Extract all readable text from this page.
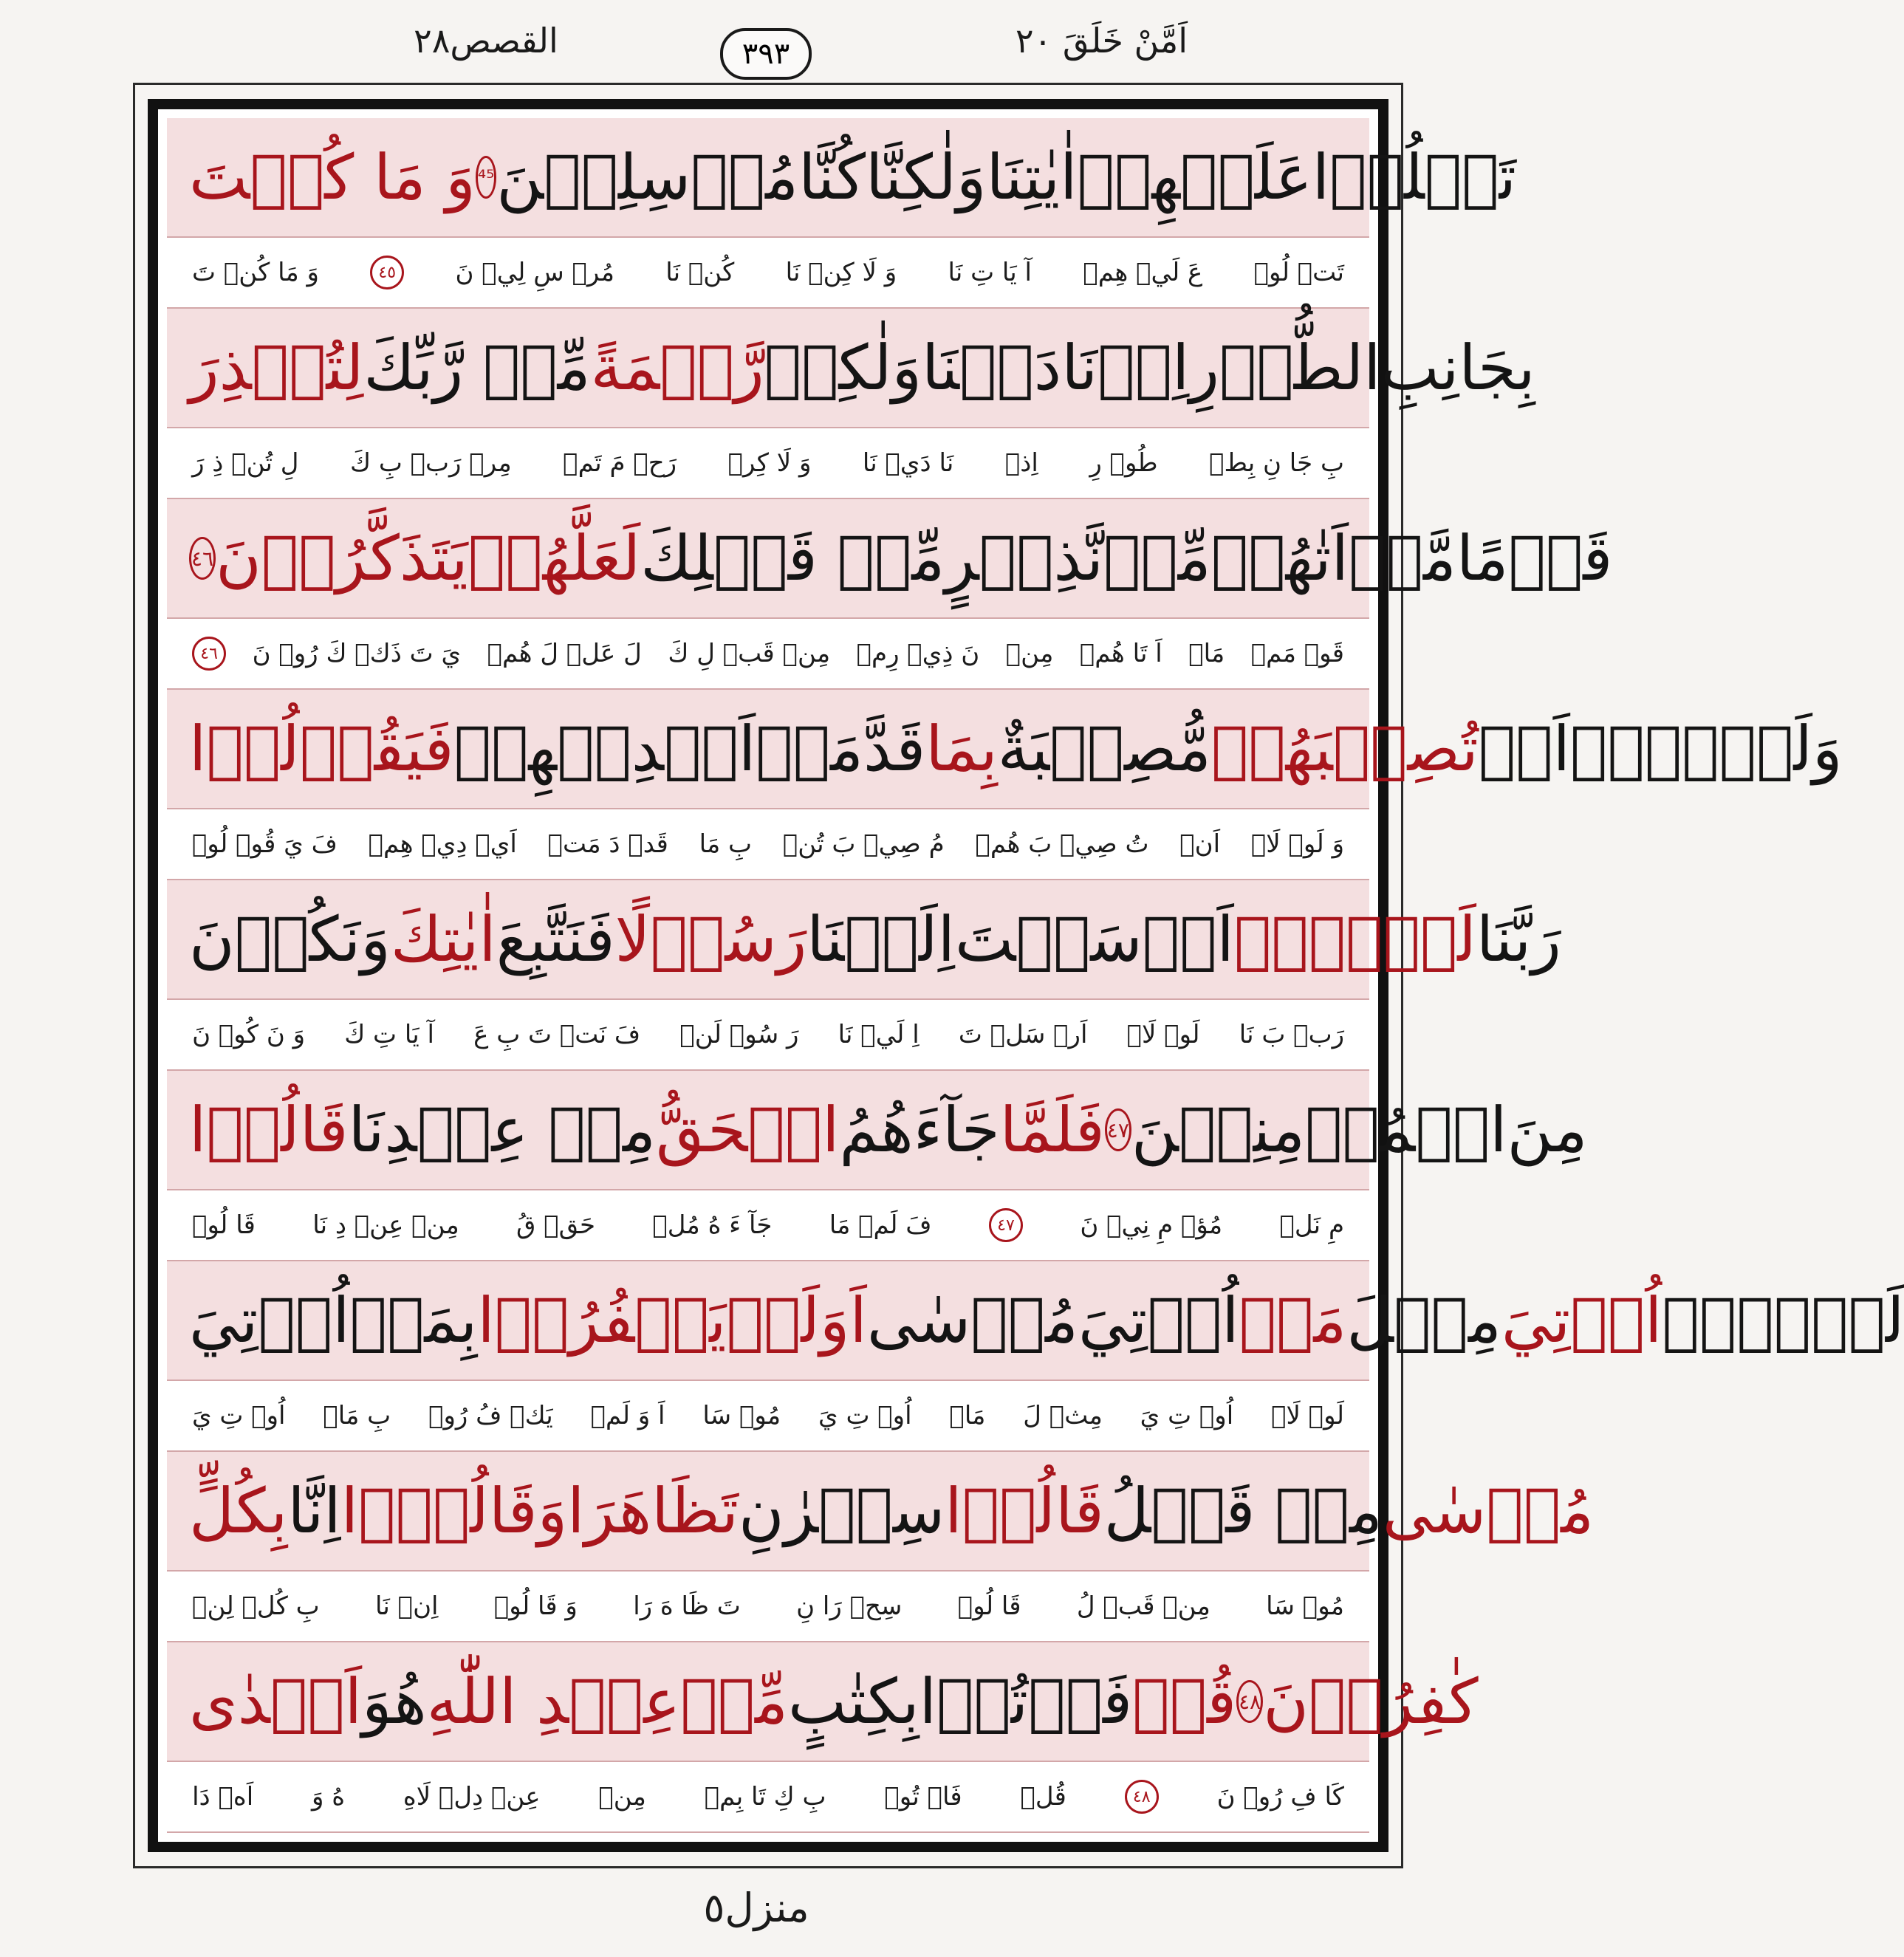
اَمَّنْ خَلَقَ ٢٠
٣٩٣
القصص٢٨
وَ مَا كُنۡتَ ⁴⁵ مُرۡسِلِيۡنَ كُنَّا وَلٰكِنَّا اٰيٰتِنَا عَلَيۡهِمۡ تَتۡلُوۡا
وَ مَا كُنۡ تَ	٤٥	مُرۡ سِ لِيۡ نَ كُنۡ نَا وَ لَا كِنۡ نَا آ يَا تِ نَا عَ لَيۡ هِمۡ تَتۡ لُوۡ
لِتُنۡذِرَ مِّنۡ رَّبِّكَ رَّحۡمَةً وَلٰكِنۡ نَادَيۡنَا اِذۡ الطُّوۡرِ بِجَانِبِ
لِ تُنۡ ذِ رَ مِرۡ رَبۡ بِ كَ رَحۡ مَ تَمۡ وَ لَا كِرۡ نَا دَيۡ نَا اِذۡ طُوۡ رِ بِ جَا نِ بِطۡ
٤٦ يَتَذَكَّرُوۡنَ لَعَلَّهُمۡ مِّنۡ قَبۡلِكَ نَّذِيۡرٍ مِّنۡ اَتٰهُمۡ مَّاۤ قَوۡمًا
٤٦	يَ تَ ذَكۡ كَ رُوۡ نَ لَ عَلۡ لَ هُمۡ مِنۡ قَبۡ لِ كَ نَ ذِيۡ رِمۡ مِنۡ اَ تَا هُمۡ مَاۤ قَوۡ مَمۡ
فَيَقُوۡلُوۡا اَيۡدِيۡهِمۡ قَدَّمَتۡ بِمَا مُّصِيۡبَةٌ تُصِيۡبَهُمۡ اَنۡ وَلَوۡلَاۤ
فَ يَ قُوۡ لُوۡ اَيۡ دِيۡ هِمۡ قَدۡ دَ مَتۡ بِ مَا مُ صِيۡ بَ تُنۡ تُ صِيۡ بَ هُمۡ اَنۡ وَ لَوۡ لَاۤ
وَنَكُوۡنَ اٰيٰتِكَ فَنَتَّبِعَ رَسُوۡلًا اِلَيۡنَا اَرۡسَلۡتَ لَوۡلَاۤ رَبَّنَا
وَ نَ كُوۡ نَ آ يَا تِ كَ فَ نَتۡ تَ بِ عَ رَ سُوۡ لَنۡ اِ لَيۡ نَا اَرۡ سَلۡ تَ لَوۡ لَاۤ رَبۡ بَ نَا
قَالُوۡا مِنۡ عِنۡدِنَا الۡحَقُّ جَآءَهُمُ فَلَمَّا ٤٧ الۡمُؤۡمِنِيۡنَ مِنَ
قَا لُوۡ مِنۡ عِنۡ دِ نَا حَقۡ قُ جَآ ءَ هُ مُلۡ فَ لَمۡ مَا	٤٧	مُؤۡ مِ نِيۡ نَ مِ نَلۡ
اُوۡتِيَ بِمَاۤ يَكۡفُرُوۡا اَوَلَمۡ مُوۡسٰى اُوۡتِيَ مَاۤ مِثۡلَ اُوۡتِيَ لَوۡلَاۤ
اُوۡ تِ يَ بِ مَاۤ يَكۡ فُ رُوۡ اَ وَ لَمۡ مُوۡ سَا اُوۡ تِ يَ مَاۤ مِثۡ لَ اُوۡ تِ يَ لَوۡ لَاۤ
بِكُلٍّ اِنَّا وَقَالُوۡۤا تَظَاهَرَا سِحۡرٰنِ قَالُوۡا مِنۡ قَبۡلُ مُوۡسٰى
بِ كُلۡ لِنۡ اِنۡ نَا وَ قَا لُوۡ تَ ظَا هَ رَا سِحۡ رَا نِ قَا لُوۡ مِنۡ قَبۡ لُ مُوۡ سَا
اَهۡدٰى هُوَ عِنۡدِ اللّٰهِ مِّنۡ بِكِتٰبٍ فَاۡتُوۡا قُلۡ ٤٨ كٰفِرُوۡنَ
اَهۡ دَا هُ وَ عِنۡ دِلۡ لَاهِ مِنۡ بِ كِ تَا بِمۡ فَاۡ تُوۡ قُلۡ	٤٨	كَا فِ رُوۡ نَ
منزل٥
